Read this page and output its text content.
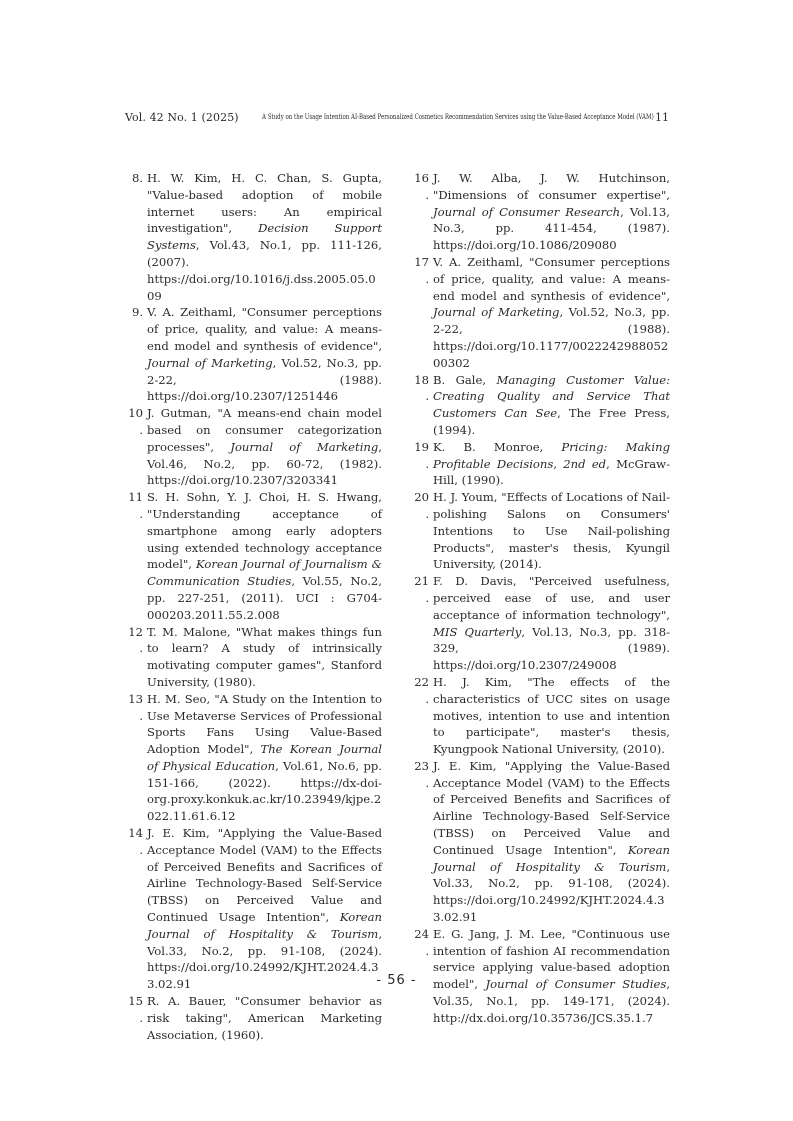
Vol. 42 No. 1 (2025)	A Study on the Usage Intention AI-Based Personalized Cosmetics Recommendation Services using the Value-Based Acceptance Model (VAM) 11

8. H. W. Kim, H. C. Chan, S. Gupta, "Value-based adoption of mobile internet users: An empirical investigation", Decision Support Systems, Vol.43, No.1, pp. 111-126, (2007). https://doi.org/10.1016/j.dss.2005.05.009

9. V. A. Zeithaml, "Consumer perceptions of price, quality, and value: A means-end model and synthesis of evidence", Journal of Marketing, Vol.52, No.3, pp. 2-22, (1988). https://doi.org/10.2307/1251446

10.
J. Gutman, "A means-end chain model based on consumer categorization processes", Journal of Marketing, Vol.46, No.2, pp. 60-72, (1982). https://doi.org/10.2307/3203341

11.
S. H. Sohn, Y. J. Choi, H. S. Hwang, "Understanding acceptance of smartphone among early adopters using extended technology acceptance model", Korean Journal of Journalism & Communication Studies, Vol.55, No.2, pp. 227-251, (2011). UCI : G704-000203.2011.55.2.008

12.
T. M. Malone, "What makes things fun to learn? A study of intrinsically motivating computer games", Stanford University, (1980).

13.
H. M. Seo, "A Study on the Intention to Use Metaverse Services of Professional Sports Fans Using Value-Based Adoption Model", The Korean Journal of Physical Education, Vol.61, No.6, pp. 151-166, (2022). https://dx-doi-org.proxy.konkuk.ac.kr/10.23949/kjpe.2022.11.61.6.12

14.
J. E. Kim, "Applying the Value-Based Acceptance Model (VAM) to the Effects of Perceived Benefits and Sacrifices of Airline Technology-Based Self-Service (TBSS) on Perceived Value and Continued Usage Intention", Korean Journal of Hospitality & Tourism, Vol.33, No.2, pp. 91-108, (2024). https://doi.org/10.24992/KJHT.2024.4.33.02.91

15.
R. A. Bauer, "Consumer behavior as risk taking", American Marketing Association, (1960).

16.
J. W. Alba, J. W. Hutchinson, "Dimensions of consumer expertise", Journal of Consumer Research, Vol.13, No.3, pp. 411-454, (1987). https://doi.org/10.1086/209080

17.
V. A. Zeithaml, "Consumer perceptions of price, quality, and value: A means-end model and synthesis of evidence", Journal of Marketing, Vol.52, No.3, pp. 2-22, (1988). https://doi.org/10.1177/002224298805200302

18.
B. Gale, Managing Customer Value: Creating Quality and Service That Customers Can See, The Free Press, (1994).

19.
K. B. Monroe, Pricing: Making Profitable Decisions, 2nd ed, McGraw-Hill, (1990).

20.
H. J. Youm, "Effects of Locations of Nail-polishing Salons on Consumers' Intentions to Use Nail-polishing Products", master's thesis, Kyungil University, (2014).

21.
F. D. Davis, "Perceived usefulness, perceived ease of use, and user acceptance of information technology", MIS Quarterly, Vol.13, No.3, pp. 318-329, (1989). https://doi.org/10.2307/249008

22.
H. J. Kim, "The effects of the characteristics of UCC sites on usage motives, intention to use and intention to participate", master's thesis, Kyungpook National University, (2010).

23.
J. E. Kim, "Applying the Value-Based Acceptance Model (VAM) to the Effects of Perceived Benefits and Sacrifices of Airline Technology-Based Self-Service (TBSS) on Perceived Value and Continued Usage Intention", Korean Journal of Hospitality & Tourism, Vol.33, No.2, pp. 91-108, (2024). https://doi.org/10.24992/KJHT.2024.4.33.02.91

24.
E. G. Jang, J. M. Lee, "Continuous use intention of fashion AI recommendation service applying value-based adoption model", Journal of Consumer Studies, Vol.35, No.1, pp. 149-171, (2024). http://dx.doi.org/10.35736/JCS.35.1.7

- 56 -
